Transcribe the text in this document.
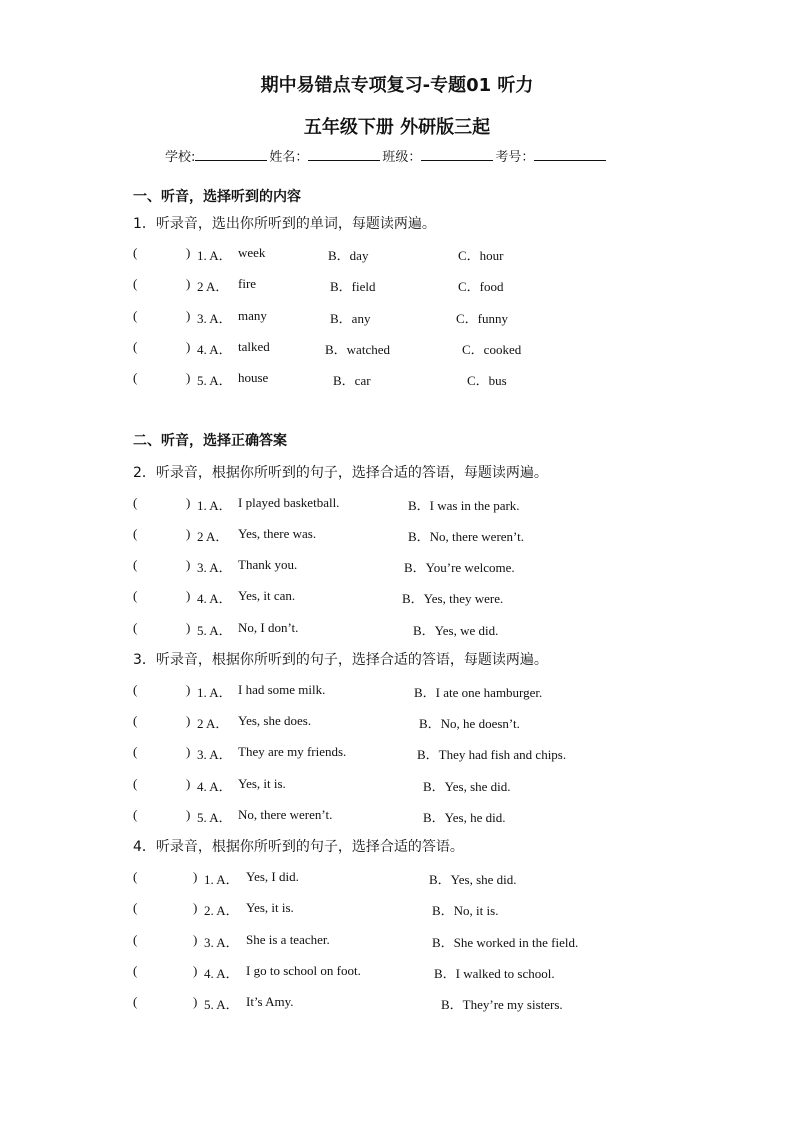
期中易错点专项复习-专题01 听力
五年级下册 外研版三起
学校:	姓名：	班级：	考号：
一、听音，选择听到的内容
1．听录音，选出你所听到的单词，每题读两遍。
(	) 1. A． week	B．day	C．hour
(	) 2 A． fire	B．field	C．food
(	) 3. A． many	B．any	C．funny
(	) 4. A． talked	B．watched	C．cooked
(	) 5. A． house	B．car	C．bus
二、听音，选择正确答案
2．听录音，根据你所听到的句子，选择合适的答语，每题读两遍。
(	) 1. A． I played basketball.	B．I was in the park.
(	) 2 A． Yes, there was.	B．No, there weren’t.
(	) 3. A． Thank you.	B．You’re welcome.
(	) 4. A． Yes, it can.	B．Yes, they were.
(	) 5. A． No, I don’t.	B．Yes, we did.
3．听录音，根据你所听到的句子，选择合适的答语，每题读两遍。
(	) 1. A． I had some milk.	B．I ate one hamburger.
(	) 2 A． Yes, she does.	B．No, he doesn’t.
(	) 3. A． They are my friends.	B．They had fish and chips.
(	) 4. A． Yes, it is.	B．Yes, she did.
(	) 5. A． No, there weren’t.	B．Yes, he did.
4．听录音，根据你所听到的句子，选择合适的答语。
(	) 1. A． Yes, I did.	B．Yes, she did.
(	) 2. A． Yes, it is.	B．No, it is.
(	) 3. A． She is a teacher.	B．She worked in the field.
(	) 4. A． I go to school on foot.	B．I walked to school.
(	) 5. A． It’s Amy.	B．They’re my sisters.
